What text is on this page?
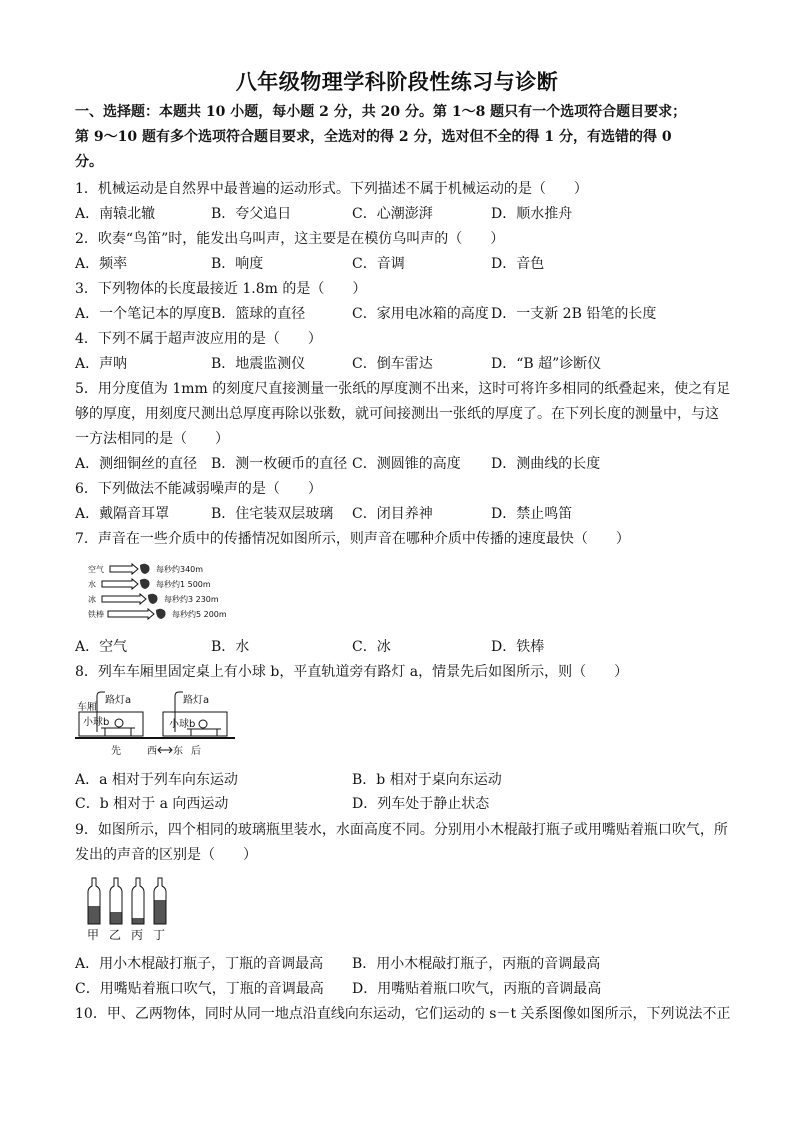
八年级物理学科阶段性练习与诊断
一、选择题：本题共 10 小题，每小题 2 分，共 20 分。第 1～8 题只有一个选项符合题目要求；
第 9～10 题有多个选项符合题目要求，全选对的得 2 分，选对但不全的得 1 分，有选错的得 0
分。
1．机械运动是自然界中最普遍的运动形式。下列描述不属于机械运动的是（　　）
A．南辕北辙	B．夸父追日	C．心潮澎湃	D．顺水推舟
2．吹奏“鸟笛”时，能发出乌叫声，这主要是在模仿乌叫声的（　　）
A．频率	B．响度	C．音调	D．音色
3．下列物体的长度最接近 1.8m 的是（　　）
A．一个笔记本的厚度 B．篮球的直径	C．家用电冰箱的高度 D．一支新 2B 铅笔的长度
4．下列不属于超声波应用的是（　　）
A．声呐	B．地震监测仪	C．倒车雷达	D．“B 超”诊断仪
5．用分度值为 1mm 的刻度尺直接测量一张纸的厚度测不出来，这时可将许多相同的纸叠起来，使之有足
够的厚度，用刻度尺测出总厚度再除以张数，就可间接测出一张纸的厚度了。在下列长度的测量中，与这
一方法相同的是（　　）
A．测细铜丝的直径 B．测一枚硬币的直径 C．测圆锥的高度 D．测曲线的长度
6．下列做法不能减弱噪声的是（　　）
A．戴隔音耳罩	B．住宅装双层玻璃 C．闭目养神	D．禁止鸣笛
7．声音在一些介质中的传播情况如图所示，则声音在哪种介质中传播的速度最快（　　）
空气	每秒约340m
水	每秒约1 500m
冰	每秒约3 230m
铁棒	每秒约5 200m
A．空气	B．水	C．冰	D．铁棒
8．列车车厢里固定桌上有小球 b，平直轨道旁有路灯 a，情景先后如图所示，则（　　）
车厢
路灯a
小球b
路灯a
小球b
先	西 东 后
A．a 相对于列车向东运动	B．b 相对于桌向东运动
C．b 相对于 a 向西运动	D．列车处于静止状态
9．如图所示，四个相同的玻璃瓶里装水，水面高度不同。分别用小木棍敲打瓶子或用嘴贴着瓶口吹气，所
发出的声音的区别是（　　）
甲 乙 丙 丁
A．用小木棍敲打瓶子，丁瓶的音调最高 B．用小木棍敲打瓶子，丙瓶的音调最高
C．用嘴贴着瓶口吹气，丁瓶的音调最高 D．用嘴贴着瓶口吹气，丙瓶的音调最高
10．甲、乙两物体，同时从同一地点沿直线向东运动，它们运动的 s－t 关系图像如图所示，下列说法不正
